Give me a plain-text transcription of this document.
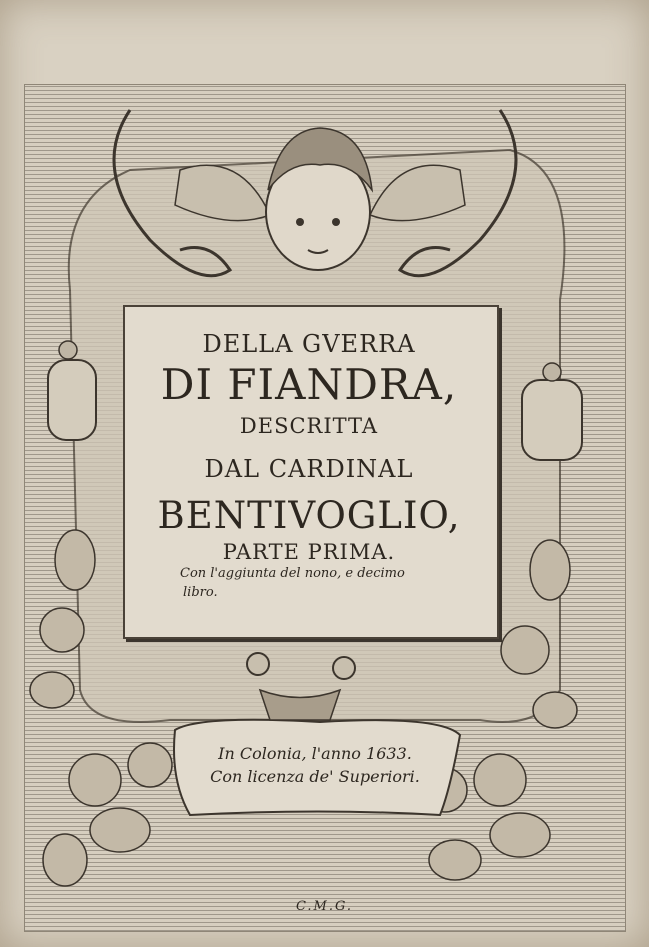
DELLA GVERRA
DI FIANDRA,
DESCRITTA
DAL CARDINAL
BENTIVOGLIO,
PARTE PRIMA.
Con l'aggiunta del nono, e decimo
libro.
In Colonia, l'anno 1633.
Con licenza de' Superiori.
C.M.G.
